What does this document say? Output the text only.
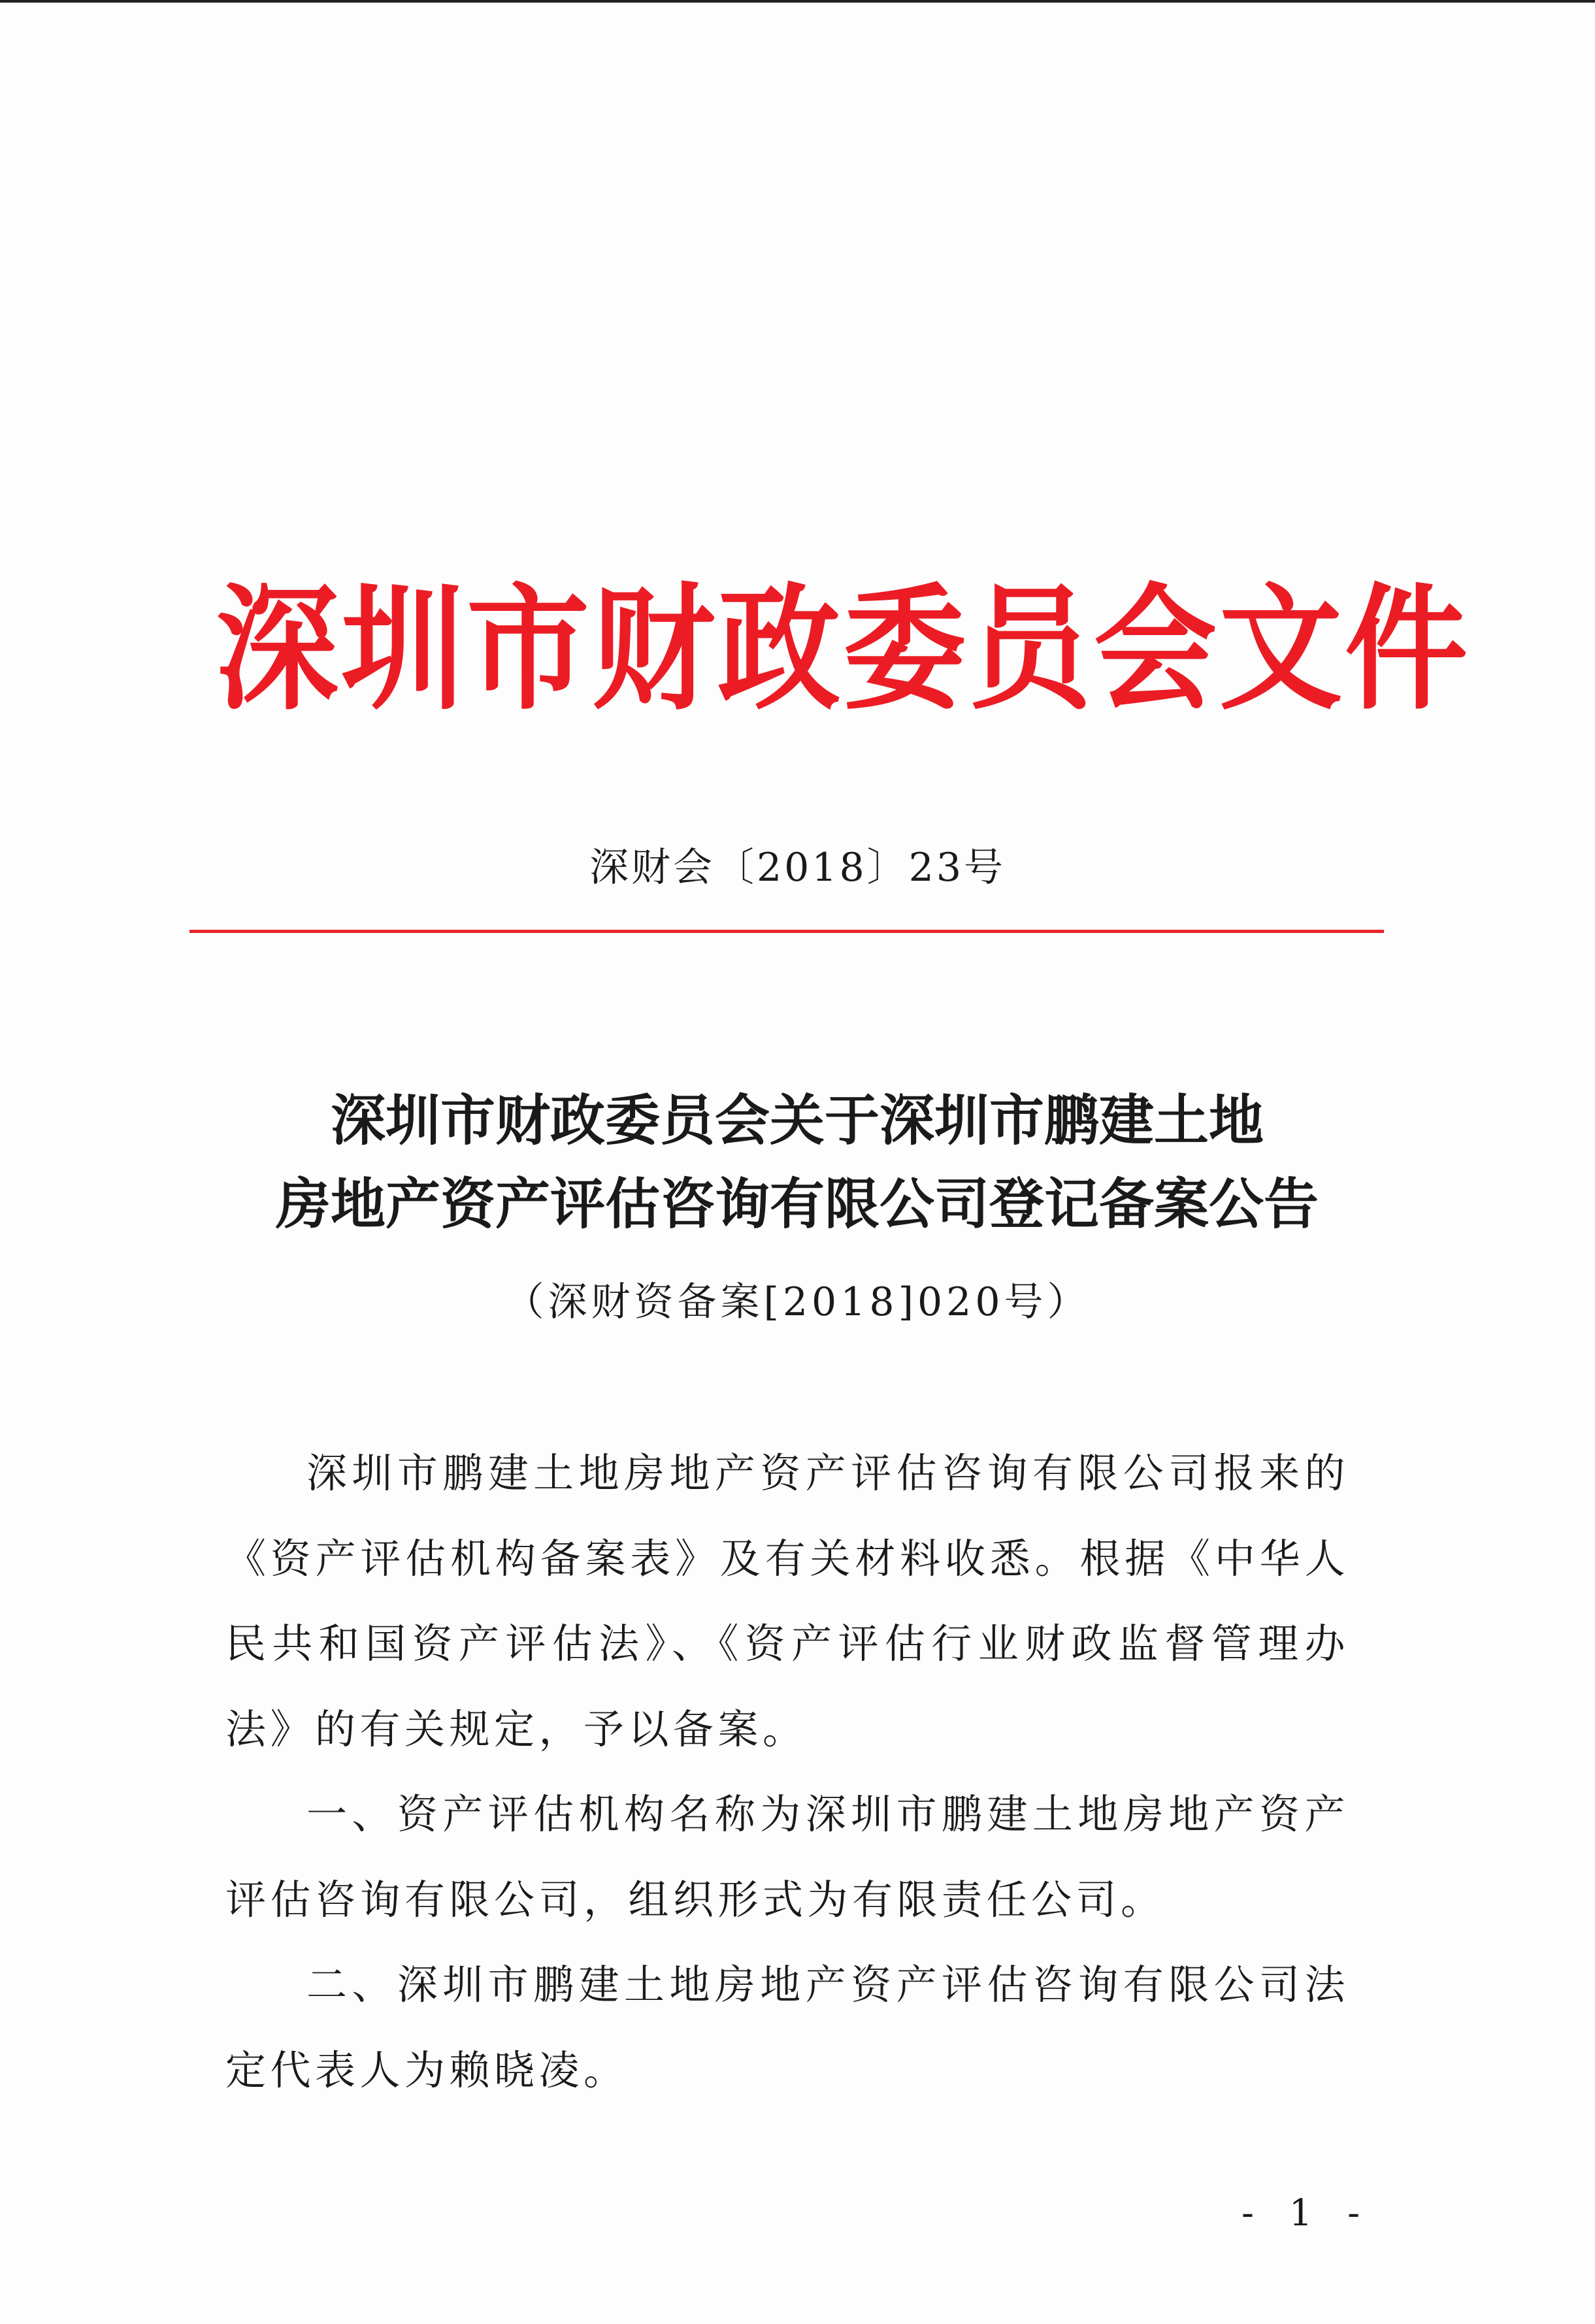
深圳市财政委员会文件
深财会〔2018〕23号
深圳市财政委员会关于深圳市鹏建土地
房地产资产评估咨询有限公司登记备案公告
（深财资备案[2018]020号）

深圳市鹏建土地房地产资产评估咨询有限公司报来的《资产评估机构备案表》及有关材料收悉。根据《中华人民共和国资产评估法》、《资产评估行业财政监督管理办法》的有关规定，予以备案。

一、资产评估机构名称为深圳市鹏建土地房地产资产评估咨询有限公司，组织形式为有限责任公司。

二、深圳市鹏建土地房地产资产评估咨询有限公司法定代表人为赖晓凌。

- 1 -
